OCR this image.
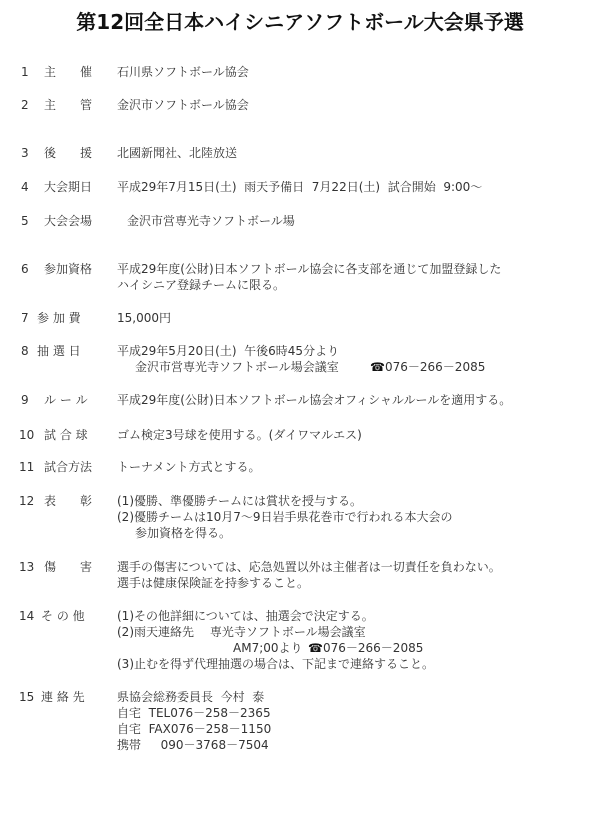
第12回全日本ハイシニアソフトボール大会県予選
1 主　　催 石川県ソフトボール協会
2 主　　管 金沢市ソフトボール協会
3 後　　援 北國新聞社、北陸放送
4 大会期日 平成29年7月15日(土)  雨天予備日  7月22日(土)  試合開始  9:00〜
5 大会会場	金沢市営専光寺ソフトボール場
6 参加資格 平成29年度(公財)日本ソフトボール協会に各支部を通じて加盟登録した
ハイシニア登録チームに限る。
7 参 加 費	15,000円
8 抽 選 日	平成29年5月20日(土)  午後6時45分より
金沢市営専光寺ソフトボール場会議室	☎ 076－266－2085
9 ル ー ル 平成29年度(公財)日本ソフトボール協会オフィシャルルールを適用する。
10 試 合 球 ゴム検定3号球を使用する。(ダイワマルエス)
11 試合方法 トーナメント方式とする。
12 表　　彰 (1)優勝、準優勝チームには賞状を授与する。
(2)優勝チームは10月7〜9日岩手県花巻市で行われる本大会の
参加資格を得る。
13 傷　　害 選手の傷害については、応急処置以外は主催者は一切責任を負わない。
選手は健康保険証を持参すること。
14 そ の 他	(1)その他詳細については、抽選会で決定する。
(2)雨天連絡先　 専光寺ソフトボール場会議室
AM7;00より ☎ 076－266－2085
(3)止むを得ず代理抽選の場合は、下記まで連絡すること。
15 連 絡 先	県協会総務委員長  今村  泰
自宅  TEL076－258－2365
自宅  FAX076－258－1150
携帯 　 090－3768－7504
